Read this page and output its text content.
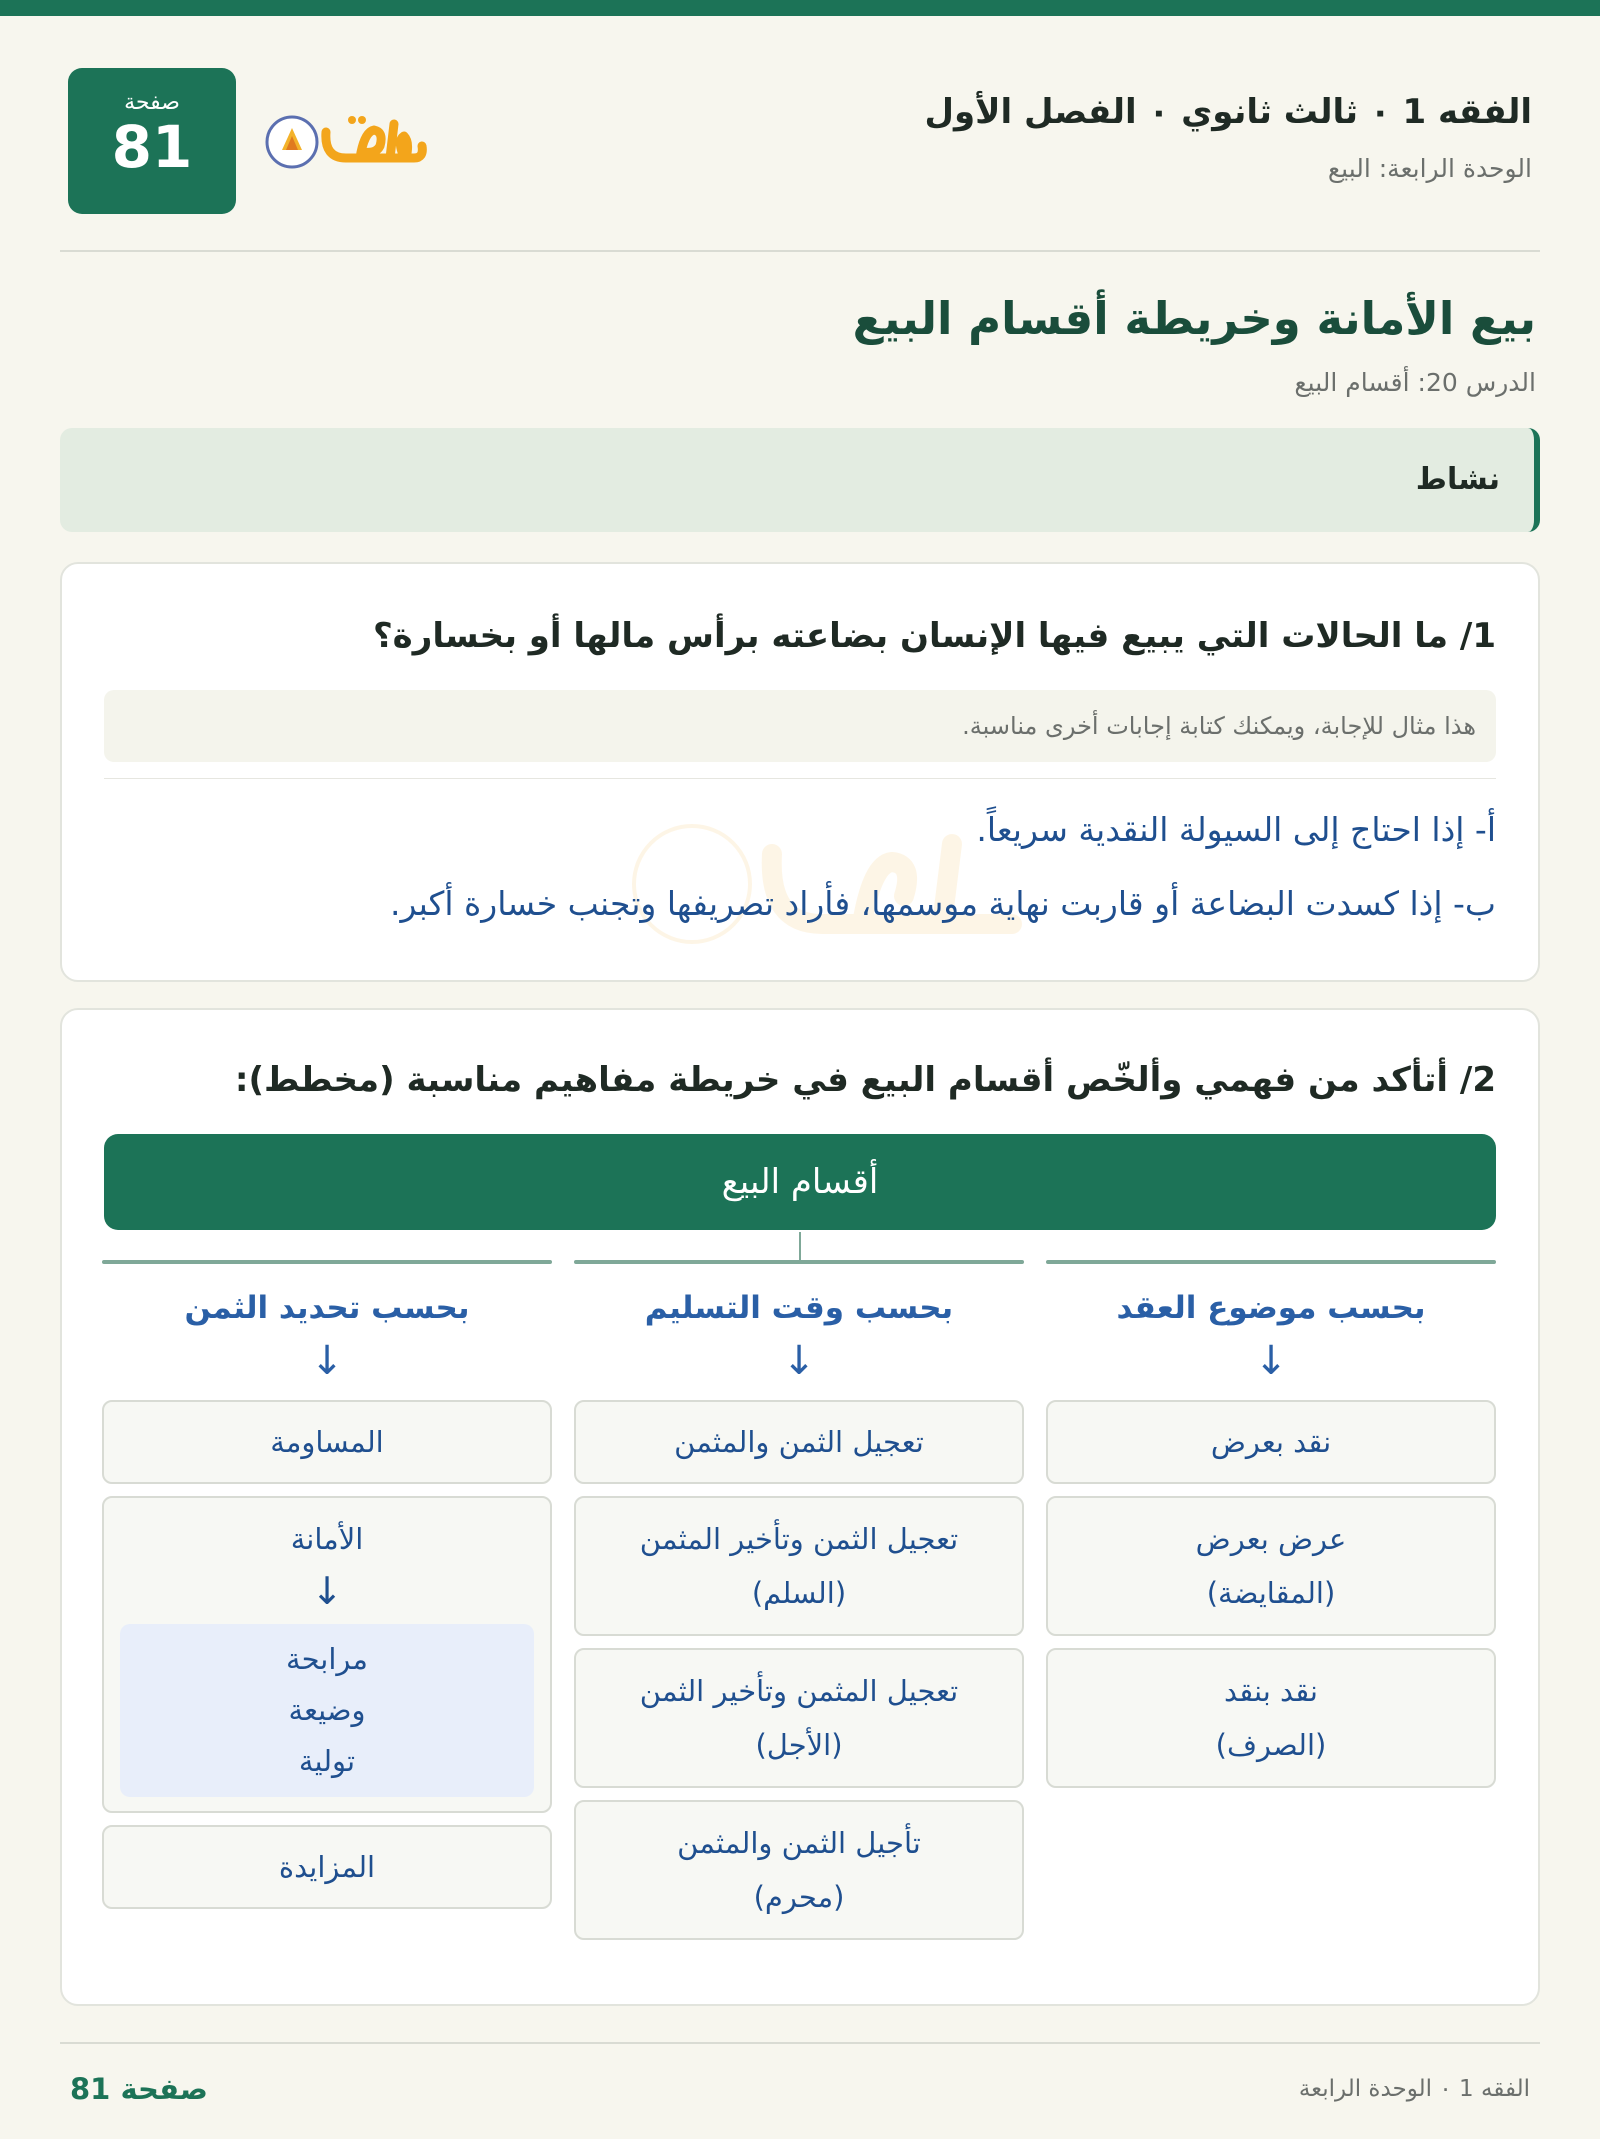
الفقه 1 ٠ ثالث ثانوي ٠ الفصل الأول
الوحدة الرابعة: البيع
صفحة
81
بيع الأمانة وخريطة أقسام البيع
الدرس 20: أقسام البيع
نشاط
1/ ما الحالات التي يبيع فيها الإنسان بضاعته برأس مالها أو بخسارة؟
هذا مثال للإجابة، ويمكنك كتابة إجابات أخرى مناسبة.
أ- إذا احتاج إلى السيولة النقدية سريعاً.
ب- إذا كسدت البضاعة أو قاربت نهاية موسمها، فأراد تصريفها وتجنب خسارة أكبر.
2/ أتأكد من فهمي وألخّص أقسام البيع في خريطة مفاهيم مناسبة (مخطط):
أقسام البيع
بحسب موضوع العقد
↓
نقد بعرض
عرض بعرض
(المقايضة)
نقد بنقد
(الصرف)
بحسب وقت التسليم
↓
تعجيل الثمن والمثمن
تعجيل الثمن وتأخير المثمن
(السلم)
تعجيل المثمن وتأخير الثمن
(الأجل)
تأجيل الثمن والمثمن
(محرم)
بحسب تحديد الثمن
↓
المساومة
الأمانة
↓
مرابحة
وضيعة
تولية
المزايدة
صفحة 81	الفقه 1 ٠ الوحدة الرابعة
